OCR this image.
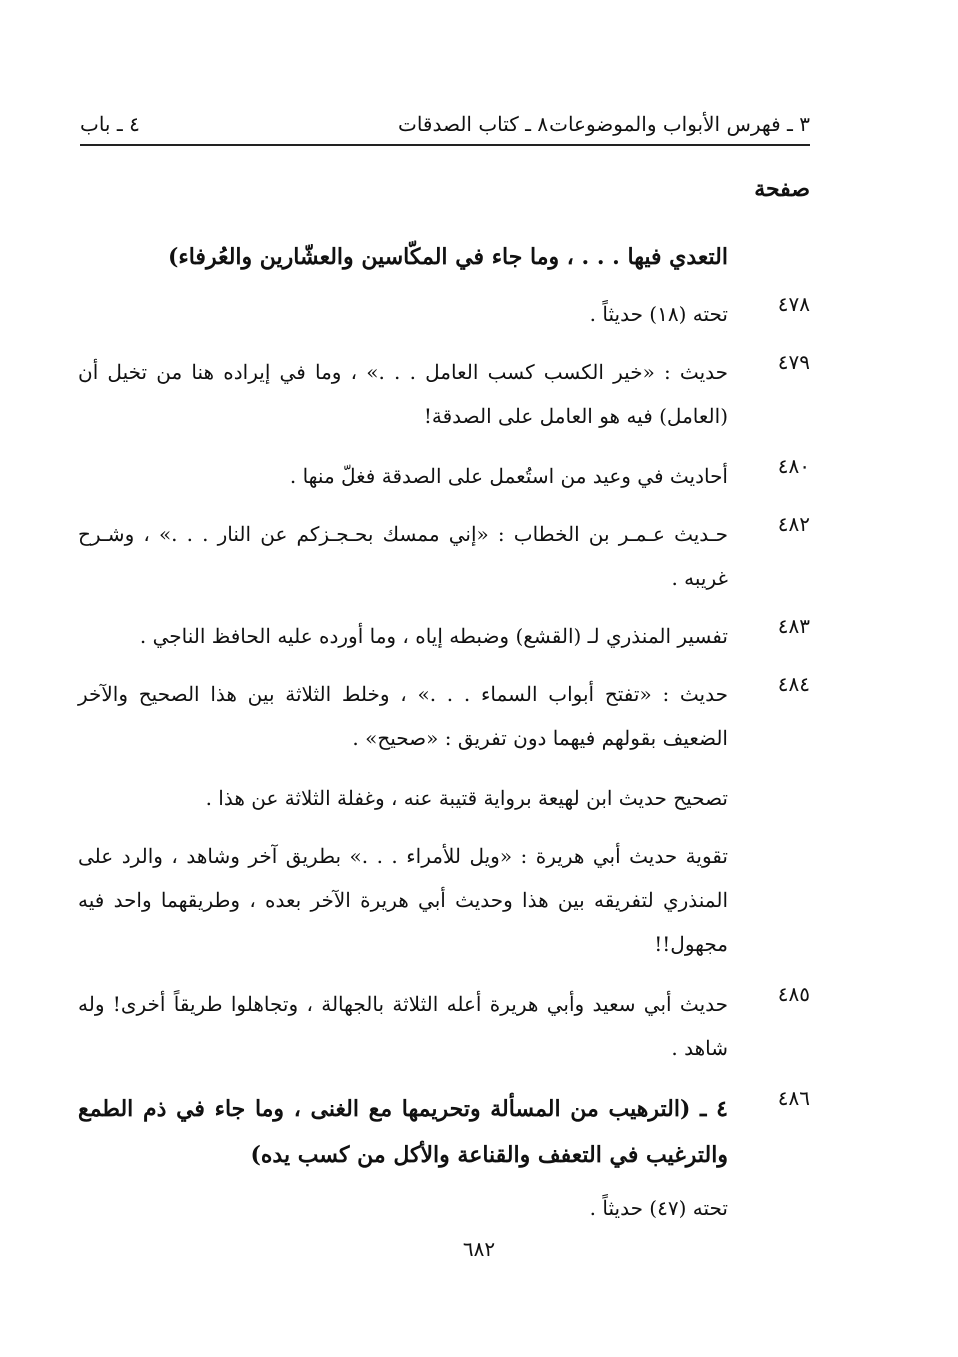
٣ ـ فهرس الأبواب والموضوعات
٨ ـ كتاب الصدقات
٤ ـ باب
صفحة
التعدي فيها . . . ، وما جاء في المكّاسين والعشّارين والعُرفاء)
٤٧٨
تحته (١٨) حديثاً .
٤٧٩
حديث : «خير الكسب كسب العامل . . .» ، وما في إيراده هنا من تخيل أن (العامل) فيه هو العامل على الصدقة!
٤٨٠
أحاديث في وعيد من استُعمل على الصدقة فغلّ منها .
٤٨٢
حـديث عـمـر بن الخطاب : «إني ممسك بحـجـزكم عن النار . . .» ، وشـرح غريبه .
٤٨٣
تفسير المنذري لـ (القشع) وضبطه إياه ، وما أورده عليه الحافظ الناجي .
٤٨٤
حديث : «تفتح أبواب السماء . . .» ، وخلط الثلاثة بين هذا الصحيح والآخر الضعيف بقولهم فيهما دون تفريق : «صحيح» .
تصحيح حديث ابن لهيعة برواية قتيبة عنه ، وغفلة الثلاثة عن هذا .
تقوية حديث أبي هريرة : «ويل للأمراء . . .» بطريق آخر وشاهد ، والرد على المنذري لتفريقه بين هذا وحديث أبي هريرة الآخر بعده ، وطريقهما واحد فيه مجهول!!
٤٨٥
حديث أبي سعيد وأبي هريرة أعله الثلاثة بالجهالة ، وتجاهلوا طريقاً أخرى! وله شاهد .
٤٨٦
٤ ـ (الترهيب من المسألة وتحريمها مع الغنى ، وما جاء في ذم الطمع والترغيب في التعفف والقناعة والأكل من كسب يده)
تحته (٤٧) حديثاً .
٦٨٢
